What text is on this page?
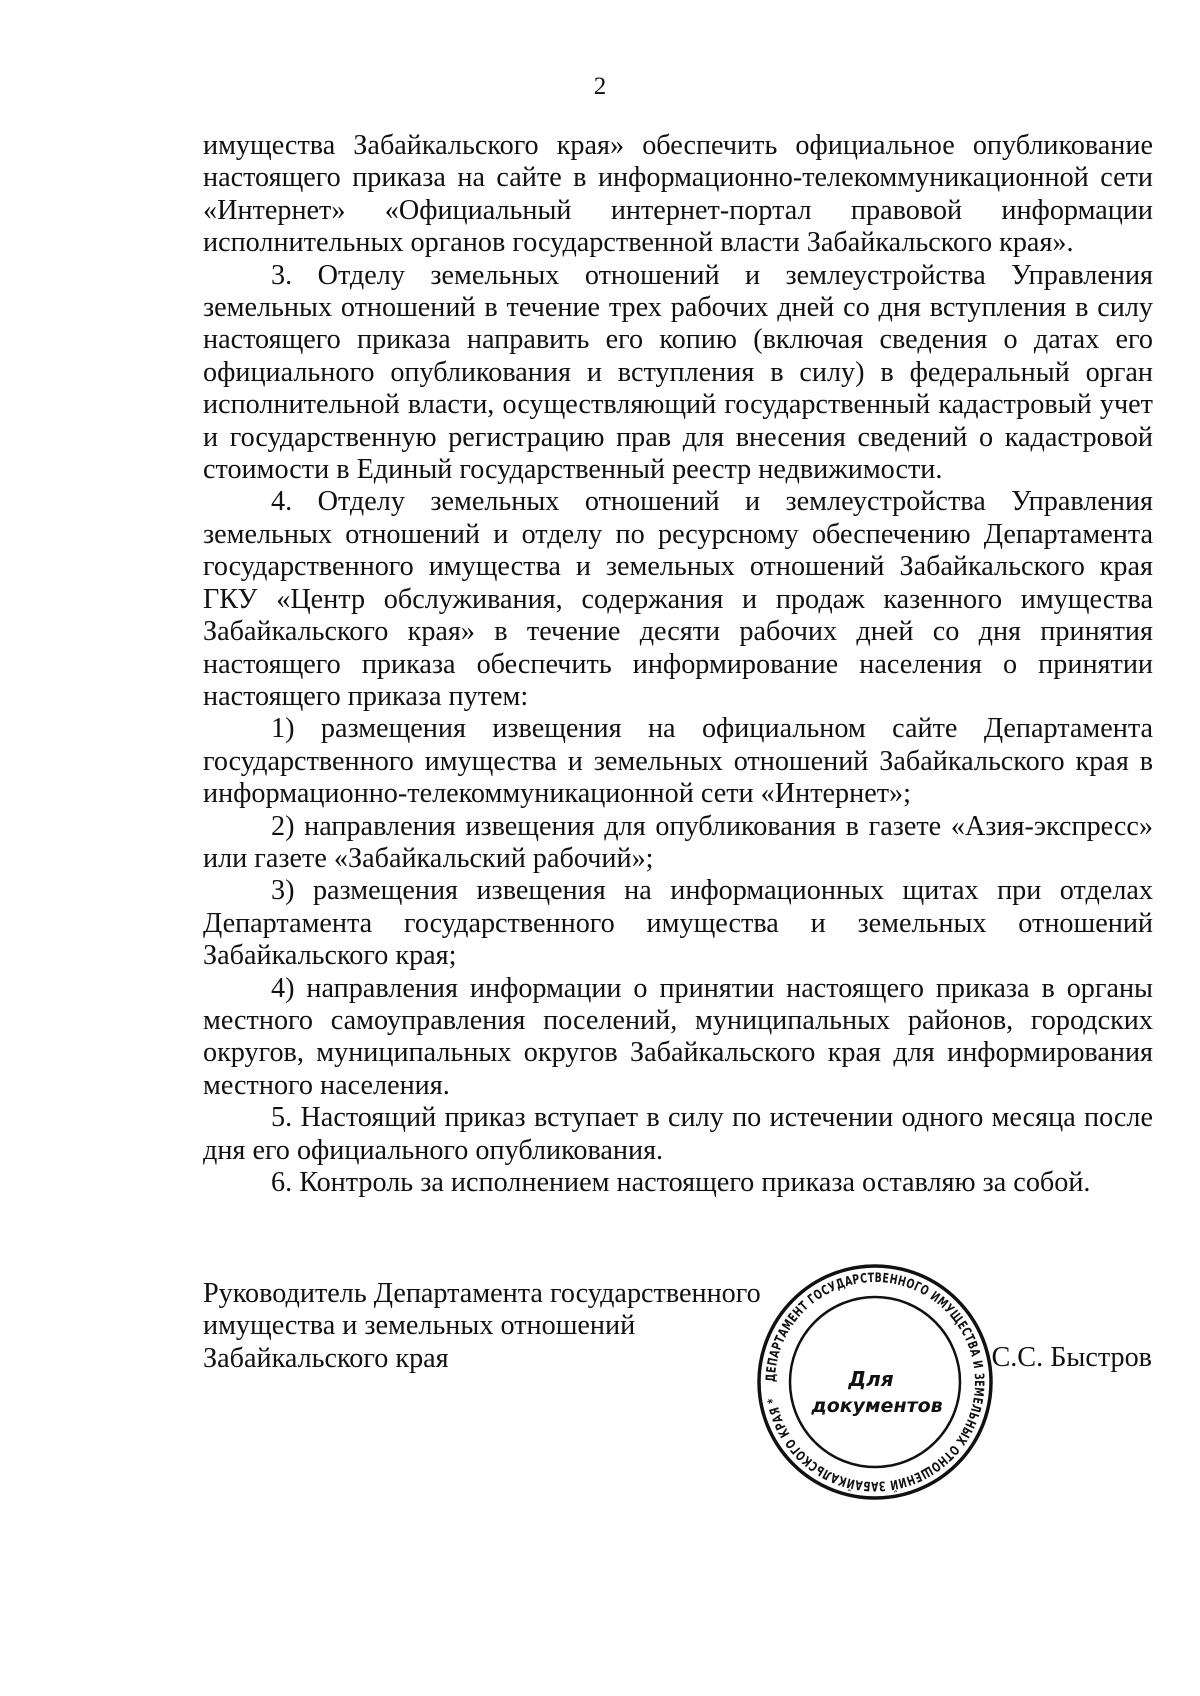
2

имущества Забайкальского края» обеспечить официальное опубликование настоящего приказа на сайте в информационно-телекоммуникационной сети «Интернет» «Официальный интернет-портал правовой информации исполнительных органов государственной власти Забайкальского края».

3. Отделу земельных отношений и землеустройства Управления земельных отношений в течение трех рабочих дней со дня вступления в силу настоящего приказа направить его копию (включая сведения о датах его официального опубликования и вступления в силу) в федеральный орган исполнительной власти, осуществляющий государственный кадастровый учет и государственную регистрацию прав для внесения сведений о кадастровой стоимости в Единый государственный реестр недвижимости.

4. Отделу земельных отношений и землеустройства Управления земельных отношений и отделу по ресурсному обеспечению Департамента государственного имущества и земельных отношений Забайкальского края ГКУ «Центр обслуживания, содержания и продаж казенного имущества Забайкальского края» в течение десяти рабочих дней со дня принятия настоящего приказа обеспечить информирование населения о принятии настоящего приказа путем:

1) размещения извещения на официальном сайте Департамента государственного имущества и земельных отношений Забайкальского края в информационно-телекоммуникационной сети «Интернет»;

2) направления извещения для опубликования в газете «Азия-экспресс» или газете «Забайкальский рабочий»;

3) размещения извещения на информационных щитах при отделах Департамента государственного имущества и земельных отношений Забайкальского края;

4) направления информации о принятии настоящего приказа в органы местного самоуправления поселений, муниципальных районов, городских округов, муниципальных округов Забайкальского края для информирования местного населения.

5. Настоящий приказ вступает в силу по истечении одного месяца после дня его официального опубликования.

6. Контроль за исполнением настоящего приказа оставляю за собой.

Руководитель Департамента государственного
имущества и земельных отношений
Забайкальского края	С.С. Быстров
ДЕПАРТАМЕНТ ГОСУДАРСТВЕННОГО ИМУЩЕСТВА И ЗЕМЕЛЬНЫХ ОТНОШЕНИЙ ЗАБАЙКАЛЬСКОГО КРАЯ *
Для
документов
